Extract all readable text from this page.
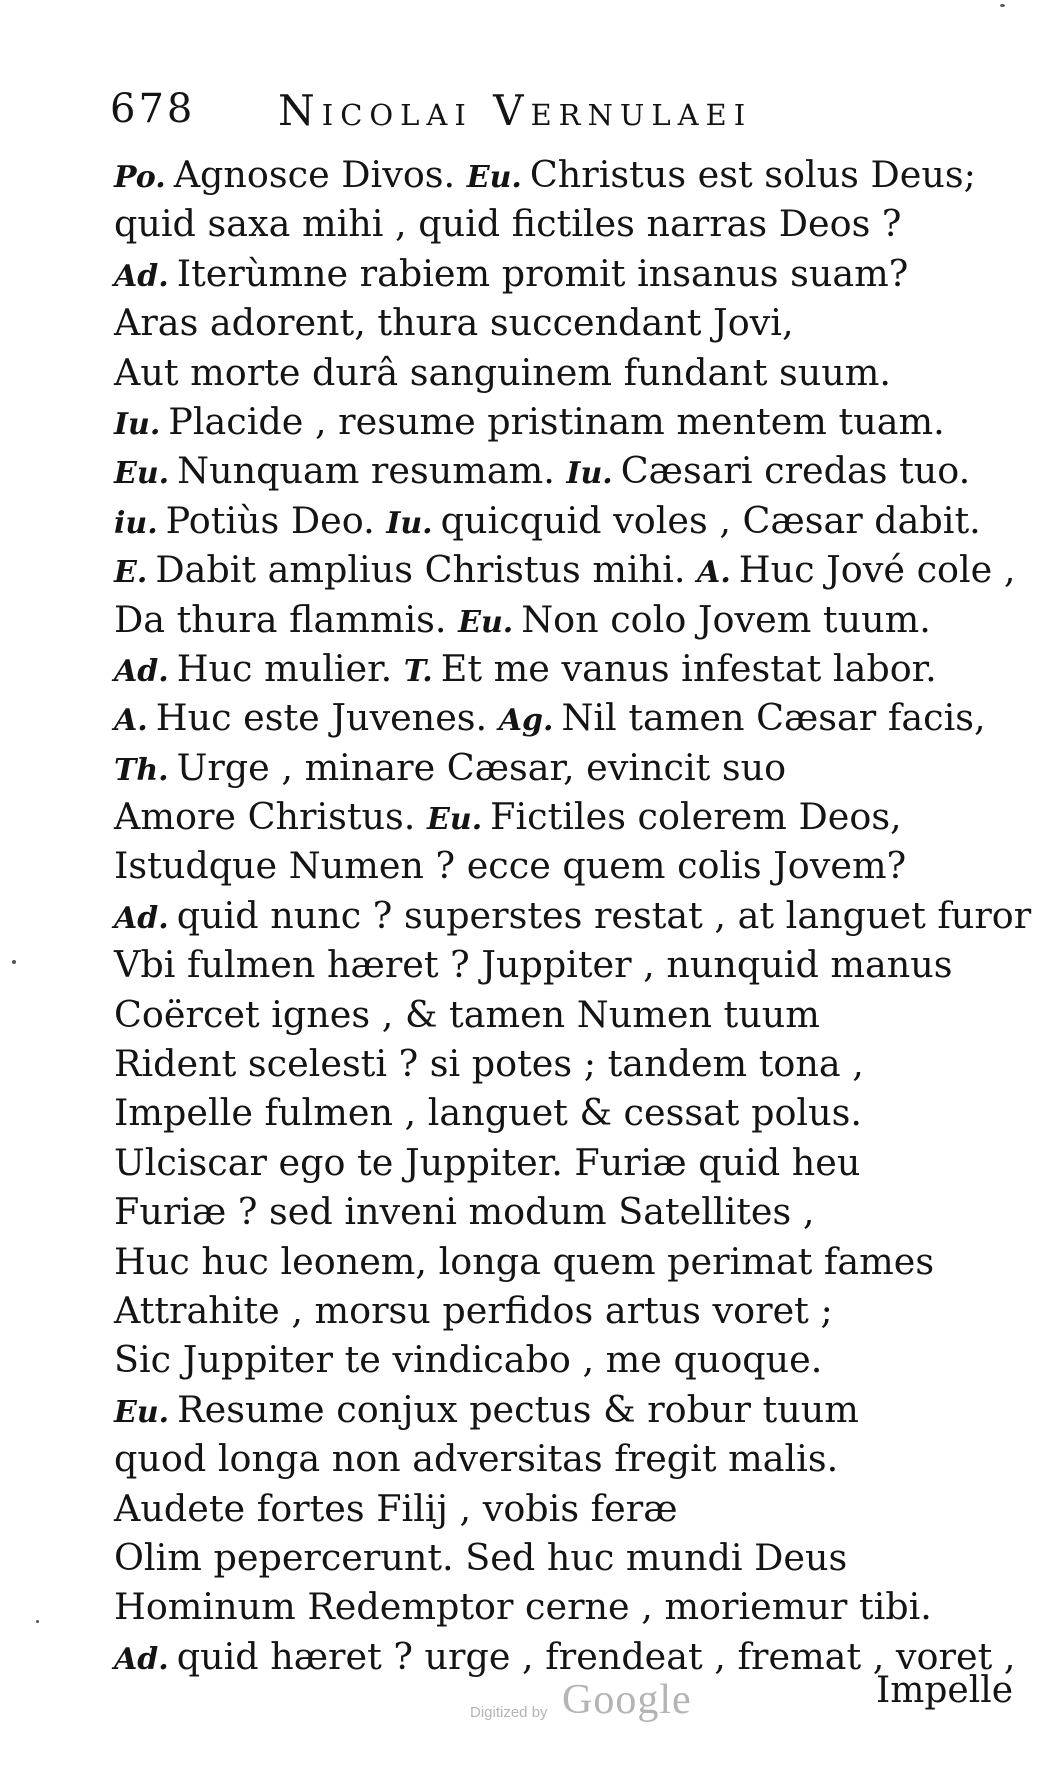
678 Nicolai Vernulaei
Po. Agnosce Divos. Eu. Christus est solus Deus;
quid saxa mihi , quid fictiles narras Deos ?
Ad. Iterùmne rabiem promit insanus suam?
Aras adorent, thura succendant Jovi,
Aut morte durâ sanguinem fundant suum.
Iu. Placide , resume pristinam mentem tuam.
Eu. Nunquam resumam. Iu. Cæsari credas tuo.
iu. Potiùs Deo. Iu. quicquid voles , Cæsar dabit.
E. Dabit amplius Christus mihi. A. Huc Jové cole ,
Da thura flammis. Eu. Non colo Jovem tuum.
Ad. Huc mulier. T. Et me vanus infestat labor.
A. Huc este Juvenes. Ag. Nil tamen Cæsar facis,
Th. Urge , minare Cæsar, evincit suo
Amore Christus. Eu. Fictiles colerem Deos,
Istudque Numen ? ecce quem colis Jovem?
Ad. quid nunc ? superstes restat , at languet furor
Vbi fulmen hæret ? Juppiter , nunquid manus
Coërcet ignes , & tamen Numen tuum
Rident scelesti ? si potes ; tandem tona ,
Impelle fulmen , languet & cessat polus.
Ulciscar ego te Juppiter. Furiæ quid heu
Furiæ ? sed inveni modum Satellites ,
Huc huc leonem, longa quem perimat fames
Attrahite , morsu perfidos artus voret ;
Sic Juppiter te vindicabo , me quoque.
Eu. Resume conjux pectus & robur tuum
quod longa non adversitas fregit malis.
Audete fortes Filij , vobis feræ
Olim pepercerunt. Sed huc mundi Deus
Hominum Redemptor cerne , moriemur tibi.
Ad. quid hæret ? urge , frendeat , fremat , voret ,
Impelle
Digitized by Google
